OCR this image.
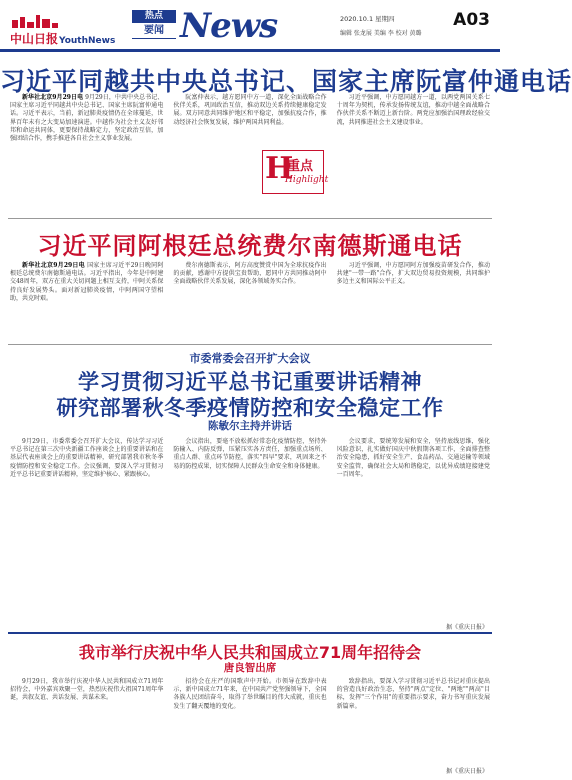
中山日报YouthNews
热点
要闻 News	2020.10.1 星期四	A03
编辑 张龙展 美编 李 校对 黄璐
习近平同越共中央总书记、国家主席阮富仲通电话

新华社北京9月29日电 9月29日，中共中央总书记、国家主席习近平同越共中央总书记、国家主席阮富仲通电话。习近平表示，当前，新冠肺炎疫情仍在全球蔓延，世界百年未有之大变局加速演进。中越作为社会主义友好邻邦和命运共同体，更要保持战略定力，坚定政治互信，加强团结合作，携手推进各自社会主义事业发展。

阮富仲表示，越方愿同中方一道，深化全面战略合作伙伴关系，巩固政治互信，推动双边关系持续健康稳定发展。双方同意共同维护地区和平稳定，加强抗疫合作，推动经济社会恢复发展，维护两国共同利益。

习近平强调，中方愿同越方一道，以两党两国关系七十周年为契机，传承发扬传统友谊，推动中越全面战略合作伙伴关系不断迈上新台阶。两党应加强治国理政经验交流，共同推进社会主义建设事业。

H
重点
Highlight
习近平同阿根廷总统费尔南德斯通电话

新华社北京9月29日电 国家主席习近平29日晚同阿根廷总统费尔南德斯通电话。习近平指出，今年是中阿建交48周年，双方在重大关切问题上相互支持，中阿关系保持良好发展势头。面对新冠肺炎疫情，中阿两国守望相助，共克时艰。

费尔南德斯表示，阿方高度赞赏中国为全球抗疫作出的贡献，感谢中方提供宝贵帮助，愿同中方共同推动阿中全面战略伙伴关系发展，深化各领域务实合作。

习近平强调，中方愿同阿方加强疫苗研发合作，推动共建"一带一路"合作，扩大双边贸易投资规模，共同维护多边主义和国际公平正义。

市委常委会召开扩大会议
学习贯彻习近平总书记重要讲话精神
研究部署秋冬季疫情防控和安全稳定工作
陈敏尔主持并讲话

9月29日，市委常委会召开扩大会议，传达学习习近平总书记在第三次中央新疆工作座谈会上的重要讲话和在基层代表座谈会上的重要讲话精神，研究部署我市秋冬季疫情防控和安全稳定工作。会议强调，要深入学习贯彻习近平总书记重要讲话精神，坚定维护核心、紧跟核心。

会议指出，要毫不放松抓好常态化疫情防控，坚持外防输入、内防反弹，压紧压实各方责任，加强重点场所、重点人群、重点环节防控，落实"四早"要求，巩固来之不易的防控成果，切实保障人民群众生命安全和身体健康。

会议要求，要统筹发展和安全，坚持底线思维，强化风险意识，扎实做好国庆中秋假期各项工作，全面排查整治安全隐患，抓好安全生产、食品药品、交通运输等领域安全监管，确保社会大局和谐稳定，以优异成绩迎接建党一百周年。

据《重庆日报》
我市举行庆祝中华人民共和国成立71周年招待会
唐良智出席

9月29日，我市举行庆祝中华人民共和国成立71周年招待会，中外嘉宾欢聚一堂，热烈庆祝伟大祖国71周年华诞，共叙友谊、共话发展、共谋未来。

招待会在庄严的国歌声中开始。市领导在致辞中表示，新中国成立71年来，在中国共产党坚强领导下，全国各族人民团结奋斗，取得了举世瞩目的伟大成就，重庆也发生了翻天覆地的变化。

致辞指出，要深入学习贯彻习近平总书记对重庆提出的营造良好政治生态，坚持"两点"定位、"两地""两高"目标，发挥"三个作用"的重要指示要求，奋力书写重庆发展新篇章。

据《重庆日报》
